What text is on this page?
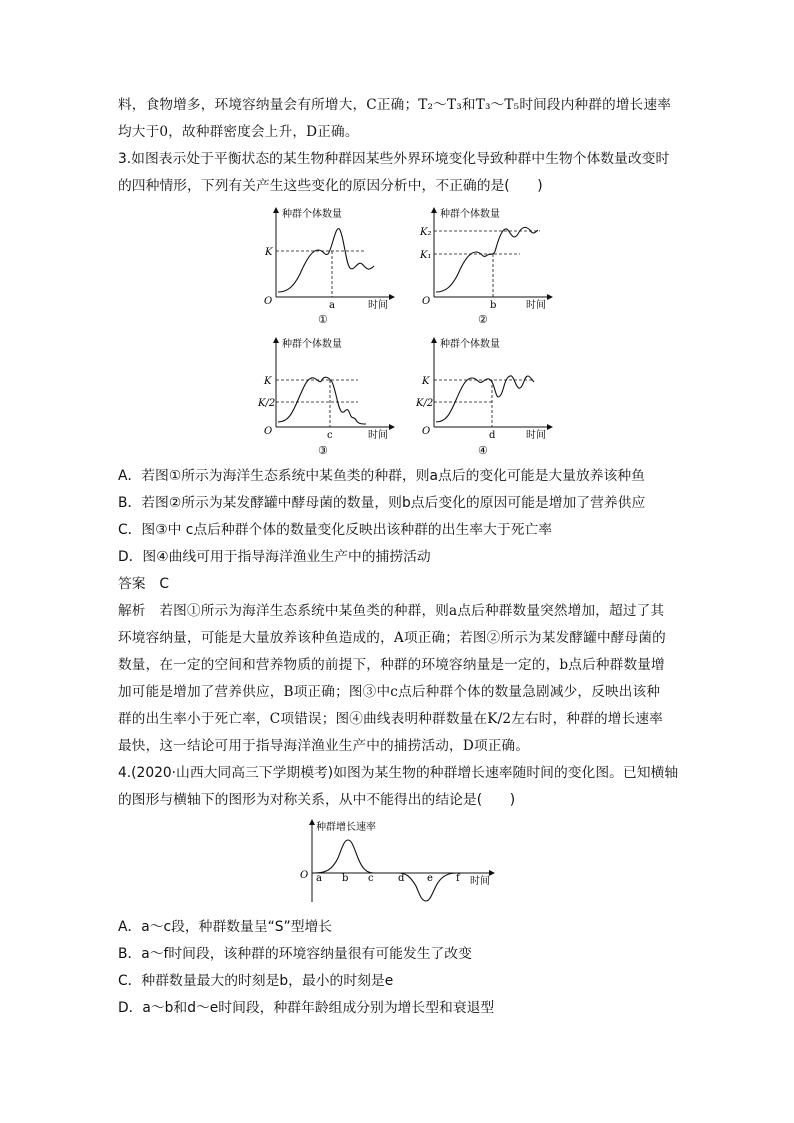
料，食物增多，环境容纳量会有所增大，C正确；T₂～T₃和T₃～T₅时间段内种群的增长速率
均大于0，故种群密度会上升，D正确。
3.如图表示处于平衡状态的某生物种群因某些外界环境变化导致种群中生物个体数量改变时
的四种情形，下列有关产生这些变化的原因分析中，不正确的是(　　)
种群个体数量
时间
O
K
a
①
种群个体数量
时间
O
K₂
K₁
b
②
种群个体数量
时间
O
K
K/2
c
③
种群个体数量
时间
O
K
K/2
d
④
A．若图①所示为海洋生态系统中某鱼类的种群，则a点后的变化可能是大量放养该种鱼
B．若图②所示为某发酵罐中酵母菌的数量，则b点后变化的原因可能是增加了营养供应
C．图③中 c点后种群个体的数量变化反映出该种群的出生率大于死亡率
D．图④曲线可用于指导海洋渔业生产中的捕捞活动
答案　C
解析　若图①所示为海洋生态系统中某鱼类的种群，则a点后种群数量突然增加，超过了其
环境容纳量，可能是大量放养该种鱼造成的，A项正确；若图②所示为某发酵罐中酵母菌的
数量，在一定的空间和营养物质的前提下，种群的环境容纳量是一定的，b点后种群数量增
加可能是增加了营养供应，B项正确；图③中c点后种群个体的数量急剧减少，反映出该种
群的出生率小于死亡率，C项错误；图④曲线表明种群数量在K/2左右时，种群的增长速率
最快，这一结论可用于指导海洋渔业生产中的捕捞活动，D项正确。
4.(2020·山西大同高三下学期模考)如图为某生物的种群增长速率随时间的变化图。已知横轴
的图形与横轴下的图形为对称关系，从中不能得出的结论是(　　)
种群增长速率
时间
O a b c d e f
A．a～c段，种群数量呈“S”型增长
B．a～f时间段，该种群的环境容纳量很有可能发生了改变
C．种群数量最大的时刻是b，最小的时刻是e
D．a～b和d～e时间段，种群年龄组成分别为增长型和衰退型
